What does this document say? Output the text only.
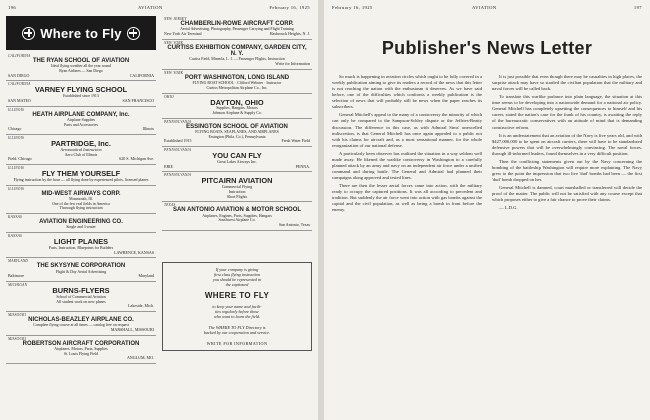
196	AVIATION	February 16, 1925
Where to Fly
CALIFORNIA
THE RYAN SCHOOL OF AVIATION
Ideal flying weather all the year round
Ryan Airlines — San Diego
SAN DIEGO	CALIFORNIA
CALIFORNIA
VARNEY FLYING SCHOOL
Established since 1913
SAN MATEO	SAN FRANCISCO
ILLINOIS
HEATH AIRPLANE COMPANY, Inc.
Airplane Supplies
Parts and Accessories
Chicago	Illinois
ILLINOIS
PARTRIDGE, Inc.
Aeronautical Instruction
Aero Club of Illinois
Field: Chicago	620 S. Michigan Ave.
ILLINOIS
FLY THEM YOURSELF
Flying instruction by the hour — all flying done by experienced pilots, licensed planes
ILLINOIS
MID-WEST AIRWAYS CORP.
Monmouth, Ill.
One of the few real fields in America
Thorough flying instruction
KANSAS
AVIATION ENGINEERING CO.
Single and 3 seater
KANSAS
LIGHT PLANES
Parts, Instruction, Blueprints for Builders
LAWRENCE, KANSAS
MARYLAND
THE SKYSYNE CORPORATION
Flight & Day Aerial Advertising
Baltimore	Maryland
MICHIGAN
BURNS-FLYERS
School of Commercial Aviation
All student work on new planes
Lakeside, Mich.
MISSOURI
NICHOLAS-BEAZLEY AIRPLANE CO.
Complete flying course at all times — catalog free on request
MARSHALL, MISSOURI
MISSOURI
ROBERTSON AIRCRAFT CORPORATION
Airplanes, Motors, Parts, Supplies
St. Louis Flying Field
ANGLUM, MO.
NEW JERSEY
CHAMBERLIN-ROWE AIRCRAFT CORP.
Aerial Advertising, Photography, Passenger Carrying and Flight Training
New York Air Terminal	Hasbrouck Heights, N. J.
NEW YORK
CURTISS EXHIBITION COMPANY, GARDEN CITY, N. Y.
Curtiss Field, Mineola, L. I. — Passenger Flights, Instruction
Write for Information
NEW YORK
PORT WASHINGTON, LONG ISLAND
FLYING BOAT SCHOOL · Clifford Webster · Instructor
Curtiss Metropolitan Airplane Co., Inc.
OHIO
DAYTON, OHIO
Supplies, Hangars, Motors
Johnson Airplane & Supply Co.
PENNSYLVANIA
ESSINGTON SCHOOL OF AVIATION
FLYING BOATS, SEAPLANES, AND AIRPLANES
Essington (Phila. Co.), Pennsylvania
Established 1915	Fresh Water Field
PENNSYLVANIA
YOU CAN FLY
Great Lakes Airways Inc.
ERIE	PENNA.
PENNSYLVANIA
PITCAIRN AVIATION
Commercial Flying
Instruction
Short Flights
TEXAS
SAN ANTONIO AVIATION & MOTOR SCHOOL
Airplanes, Engines, Parts, Supplies, Hangars
Southwest Airplane Co.
San Antonio, Texas
If your company is giving
first class flying instruction
you should be represented in
the captioned
WHERE TO FLY
to keep your name and facili-
ties regularly before those
who want to learn the field.
The WHERE TO FLY Directory is
backed by our cooperation and service.
WRITE FOR INFORMATION
February 16, 1925	AVIATION	197
Publisher's News Letter

So much is happening in aviation circles which ought to be fully covered in a weekly publication aiming to give its readers a record of the news that this letter is not reaching the nation with the enthusiasm it deserves. As we have said before, one of the difficulties which confronts a weekly publication is the selection of news that will probably still be news when the paper reaches its subscribers.

General Mitchell's appeal to the many of a controversy the minority of which can only be compared to the Sampson-Schley dispute or the Jeffries-Beatty discussion. The difference in this case, as with Admiral Sims' unexcelled indiscretion, is that General Mitchell has once again appealed to a public not with his claims for aircraft and, as a most sensational manner, for the whole reorganization of our national defense.

A particularly keen observer has outlined the situation in a way seldom well made away. He likened the warlike controversy in Washington to a carefully planned attack by an army and navy on an independent air force under a unified command and during battle. The General and Admiral had planned their campaigns along approved and tested lines.

There are then the lesser aerial forces came into action, with the military ready to occupy the captured positions. It was all according to precedent and tradition. But suddenly the air force went into action with gas bombs against the capital and the civil population, as well as being a bomb in front before the enemy.

It is just possible that even though there may be casualties in high places, the surprise attack may have so startled the civilian population that the military and naval forces will be called back.

To translate this warlike parlance into plain language, the situation at this time seems to be developing into a nationwide demand for a national air policy. General Mitchell has completely upsetting the consequences to himself and his career, stated the nation's case for the frank of his country, is awaiting the reply of the bureaucratic conservatives with an attitude of mind that is demanding constructive reform.

It is an understatement that an aviation of the Navy is five years old, and with $427,000,000 to be spent on aircraft carriers, there will have to be standardized defensive powers that will be overwhelmingly convincing. The naval forces, through ill-informed leaders, found themselves in a very difficult position.

Then the conflicting statements given out by the Navy concerning the bombing of the battleship Washington will require more explaining. The Navy grew to the point the impression that two live 'dud' bombs had been — the first 'dud' bomb dropped on her.

General Mitchell is damned, court marshalled or transferred will decide the proof of the matter. The public will not be satisfied with any course except that which proposes either to give a fair chance to prove their claims.

— L.D.G.
